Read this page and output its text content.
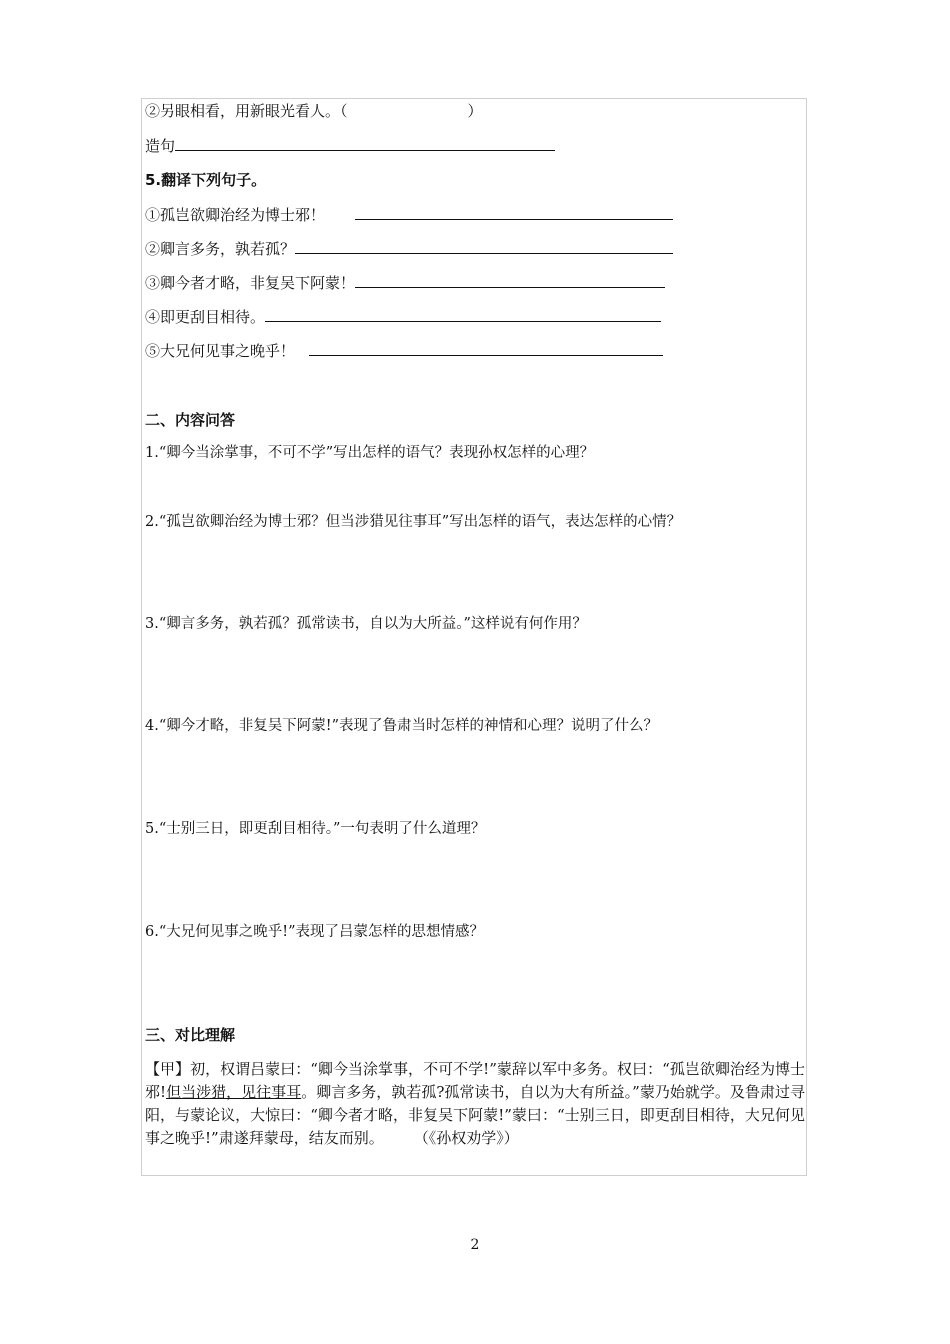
②另眼相看，用新眼光看人。（	）
造句
5.翻译下列句子。
①孤岂欲卿治经为博士邪！
②卿言多务，孰若孤？
③卿今者才略，非复吴下阿蒙！
④即更刮目相待。
⑤大兄何见事之晚乎！
二、内容问答
1.“卿今当涂掌事，不可不学”写出怎样的语气？表现孙权怎样的心理？
2.“孤岂欲卿治经为博士邪？但当涉猎见往事耳”写出怎样的语气，表达怎样的心情？
3.“卿言多务，孰若孤？孤常读书，自以为大所益。”这样说有何作用？
4.“卿今才略，非复吴下阿蒙!”表现了鲁肃当时怎样的神情和心理？说明了什么？
5.“士别三日，即更刮目相待。”一句表明了什么道理？
6.“大兄何见事之晚乎!”表现了吕蒙怎样的思想情感？
三、对比理解
【甲】初，权谓吕蒙曰：“卿今当涂掌事，不可不学!”蒙辞以军中多务。权曰：“孤岂欲卿治经为博士邪!但当涉猎，见往事耳。卿言多务，孰若孤?孤常读书，自以为大有所益。”蒙乃始就学。及鲁肃过寻阳，与蒙论议，大惊曰：“卿今者才略，非复吴下阿蒙!”蒙曰：“士别三日，即更刮目相待，大兄何见事之晚乎!”肃遂拜蒙母，结友而别。　　　（《孙权劝学》）
2
